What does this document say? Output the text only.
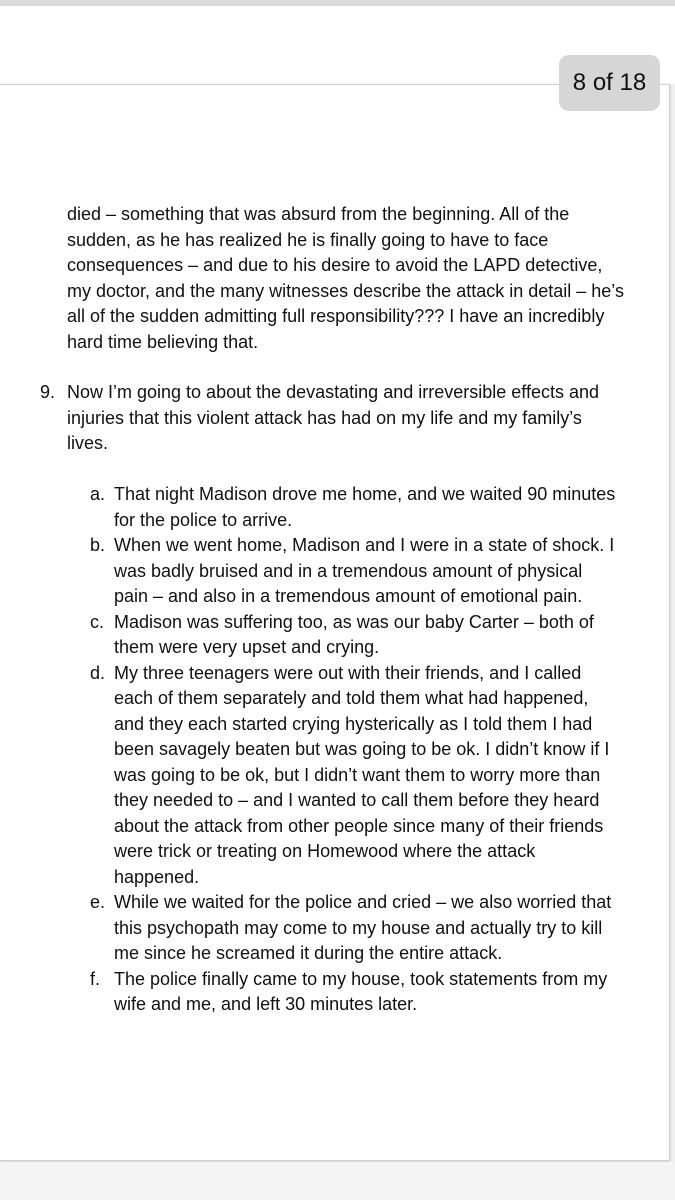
8 of 18
died – something that was absurd from the beginning. All of the sudden, as he has realized he is finally going to have to face consequences – and due to his desire to avoid the LAPD detective, my doctor, and the many witnesses describe the attack in detail – he’s all of the sudden admitting full responsibility??? I have an incredibly hard time believing that.
9. Now I’m going to about the devastating and irreversible effects and injuries that this violent attack has had on my life and my family’s lives.
a. That night Madison drove me home, and we waited 90 minutes for the police to arrive.
b. When we went home, Madison and I were in a state of shock. I was badly bruised and in a tremendous amount of physical pain – and also in a tremendous amount of emotional pain.
c. Madison was suffering too, as was our baby Carter – both of them were very upset and crying.
d. My three teenagers were out with their friends, and I called each of them separately and told them what had happened, and they each started crying hysterically as I told them I had been savagely beaten but was going to be ok. I didn’t know if I was going to be ok, but I didn’t want them to worry more than they needed to – and I wanted to call them before they heard about the attack from other people since many of their friends were trick or treating on Homewood where the attack happened.
e. While we waited for the police and cried – we also worried that this psychopath may come to my house and actually try to kill me since he screamed it during the entire attack.
f. The police finally came to my house, took statements from my wife and me, and left 30 minutes later.
